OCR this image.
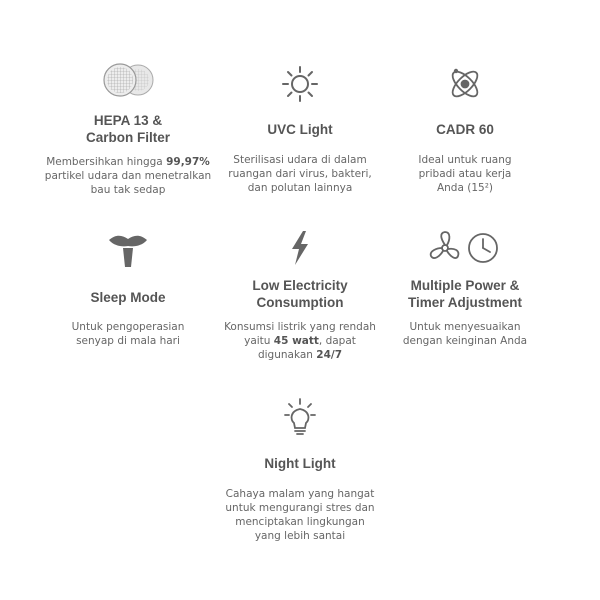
HEPA 13 &
Carbon Filter
Membersihkan hingga 99,97%
partikel udara dan menetralkan
bau tak sedap
UVC Light
Sterilisasi udara di dalam
ruangan dari virus, bakteri,
dan polutan lainnya
CADR 60
Ideal untuk ruang
pribadi atau kerja
Anda (15²)
Sleep Mode
Untuk pengoperasian
senyap di mala hari
Low Electricity
Consumption
Konsumsi listrik yang rendah
yaitu 45 watt, dapat
digunakan 24/7
Multiple Power &
Timer Adjustment
Untuk menyesuaikan
dengan keinginan Anda
Night Light
Cahaya malam yang hangat
untuk mengurangi stres dan
menciptakan lingkungan
yang lebih santai
